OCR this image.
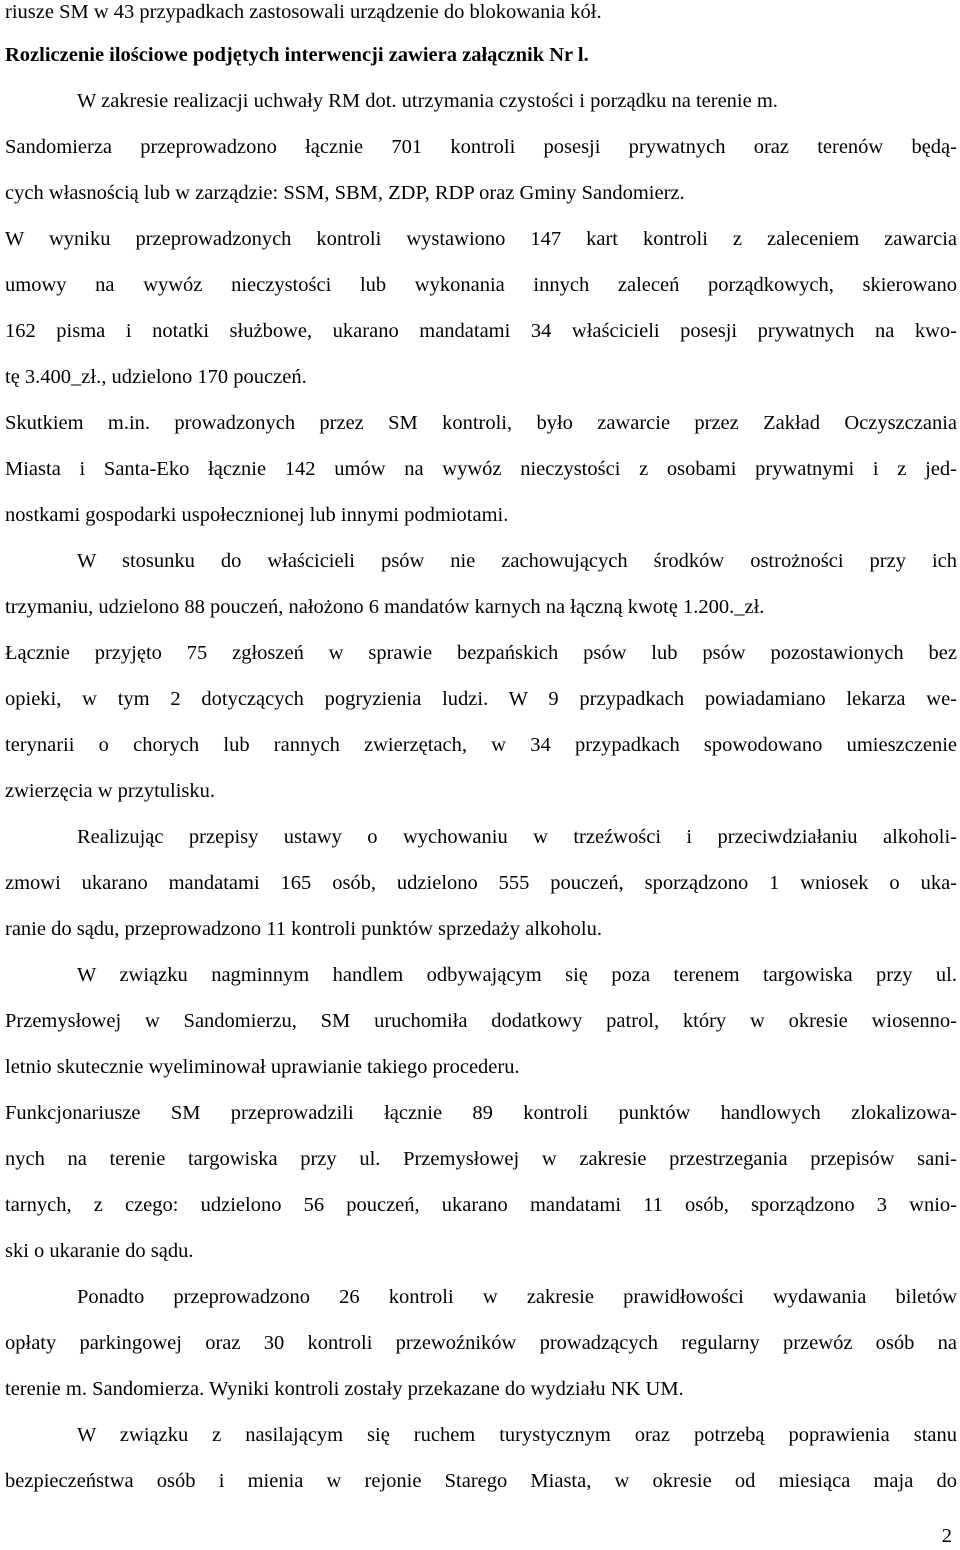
riusze SM w 43 przypadkach zastosowali urządzenie do blokowania kół.
Rozliczenie ilościowe podjętych interwencji zawiera załącznik Nr l.
W zakresie realizacji uchwały RM dot. utrzymania czystości i porządku na terenie m.
Sandomierza przeprowadzono łącznie 701 kontroli posesji prywatnych oraz terenów będą-
cych własnością lub w zarządzie: SSM, SBM, ZDP, RDP oraz Gminy Sandomierz.
W wyniku przeprowadzonych kontroli wystawiono 147 kart kontroli z zaleceniem zawarcia
umowy na wywóz nieczystości lub wykonania innych zaleceń porządkowych, skierowano
162 pisma i notatki służbowe, ukarano mandatami 34 właścicieli posesji prywatnych na kwo-
tę 3.400_zł., udzielono 170 pouczeń.
Skutkiem m.in. prowadzonych przez SM kontroli, było zawarcie przez Zakład Oczyszczania
Miasta i Santa-Eko łącznie 142 umów na wywóz nieczystości z osobami prywatnymi i z jed-
nostkami gospodarki uspołecznionej lub innymi podmiotami.
W stosunku do właścicieli psów nie zachowujących środków ostrożności przy ich
trzymaniu, udzielono 88 pouczeń, nałożono 6 mandatów karnych na łączną kwotę 1.200._zł.
Łącznie przyjęto 75 zgłoszeń w sprawie bezpańskich psów lub psów pozostawionych bez
opieki, w tym 2 dotyczących pogryzienia ludzi. W 9 przypadkach powiadamiano lekarza we-
terynarii o chorych lub rannych zwierzętach, w 34 przypadkach spowodowano umieszczenie
zwierzęcia w przytulisku.
Realizując przepisy ustawy o wychowaniu w trzeźwości i przeciwdziałaniu alkoholi-
zmowi ukarano mandatami 165 osób, udzielono 555 pouczeń, sporządzono 1 wniosek o uka-
ranie do sądu, przeprowadzono 11 kontroli punktów sprzedaży alkoholu.
W związku nagminnym handlem odbywającym się poza terenem targowiska przy ul.
Przemysłowej w Sandomierzu, SM uruchomiła dodatkowy patrol, który w okresie wiosenno-
letnio skutecznie wyeliminował uprawianie takiego procederu.
Funkcjonariusze SM przeprowadzili łącznie 89 kontroli punktów handlowych zlokalizowa-
nych na terenie targowiska przy ul. Przemysłowej w zakresie przestrzegania przepisów sani-
tarnych, z czego: udzielono 56 pouczeń, ukarano mandatami 11 osób, sporządzono 3 wnio-
ski o ukaranie do sądu.
Ponadto przeprowadzono 26 kontroli w zakresie prawidłowości wydawania biletów
opłaty parkingowej oraz 30 kontroli przewoźników prowadzących regularny przewóz osób na
terenie m. Sandomierza. Wyniki kontroli zostały przekazane do wydziału NK UM.
W związku z nasilającym się ruchem turystycznym oraz potrzebą poprawienia stanu
bezpieczeństwa osób i mienia w rejonie Starego Miasta, w okresie od miesiąca maja do
2
